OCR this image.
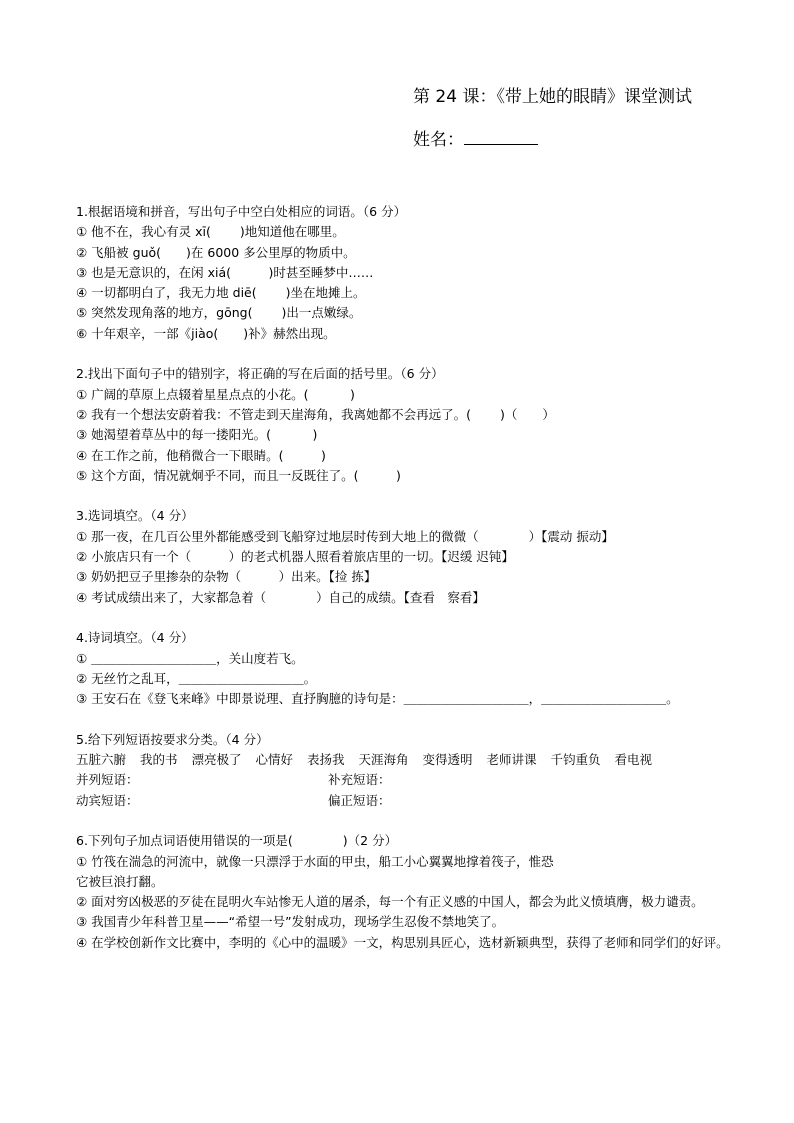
第 24 课：《带上她的眼睛》课堂测试
姓名：
1.根据语境和拼音，写出句子中空白处相应的词语。（6 分）
① 他不在，我心有灵 xī(　　 )地知道他在哪里。
② 飞船被 guǒ(　　)在 6000 多公里厚的物质中。
③ 也是无意识的，在闲 xiá(　　　)时甚至睡梦中……
④ 一切都明白了，我无力地 diē(　　 )坐在地摊上。
⑤ 突然发现角落的地方，gōng(　　 )出一点嫩绿。
⑥ 十年艰辛，一部《jiào(　　)补》赫然出现。
2.找出下面句子中的错别字，将正确的写在后面的括号里。（6 分）
① 广阔的草原上点辍着星星点点的小花。(　　　 )
② 我有一个想法安蔚着我：不管走到天崖海角，我离她都不会再远了。(　　 )（　　）
③ 她渴望着草丛中的每一搂阳光。(　　　 )
④ 在工作之前，他稍微合一下眼睛。(　　　)
⑤ 这个方面，情况就炯乎不同，而且一反既往了。(　　　)
3.选词填空。（4 分）
① 那一夜，在几百公里外都能感受到飞船穿过地层时传到大地上的微微（　　　　）【震动 振动】
② 小旅店只有一个（　　　）的老式机器人照看着旅店里的一切。【迟缓 迟钝】
③ 奶奶把豆子里掺杂的杂物（　　　）出来。【捡 拣】
④ 考试成绩出来了，大家都急着（　　　　）自己的成绩。【查看　察看】
4.诗词填空。（4 分）
① ＿＿＿＿＿＿＿＿＿＿，关山度若飞。
② 无丝竹之乱耳，＿＿＿＿＿＿＿＿＿＿。
③ 王安石在《登飞来峰》中即景说理、直抒胸臆的诗句是：＿＿＿＿＿＿＿＿＿＿，＿＿＿＿＿＿＿＿＿＿。
5.给下列短语按要求分类。（4 分）
五脏六腑 我的书 漂亮极了 心情好 表扬我 天涯海角 变得透明 老师讲课 千钧重负 看电视
并列短语：	补充短语：
动宾短语：	偏正短语：
6.下列句子加点词语使用错误的一项是(　　　　)（2 分）
① 竹筏在湍急的河流中，就像一只漂浮于水面的甲虫，船工小心翼翼地撑着筏子，惟恐它被巨浪打翻。
② 面对穷凶极恶的歹徒在昆明火车站惨无人道的屠杀，每一个有正义感的中国人，都会为此义愤填膺，极力谴责。
③ 我国青少年科普卫星——“希望一号”发射成功，现场学生忍俊不禁地笑了。
④ 在学校创新作文比赛中，李明的《心中的温暖》一文，构思别具匠心，选材新颖典型，获得了老师和同学们的好评。
